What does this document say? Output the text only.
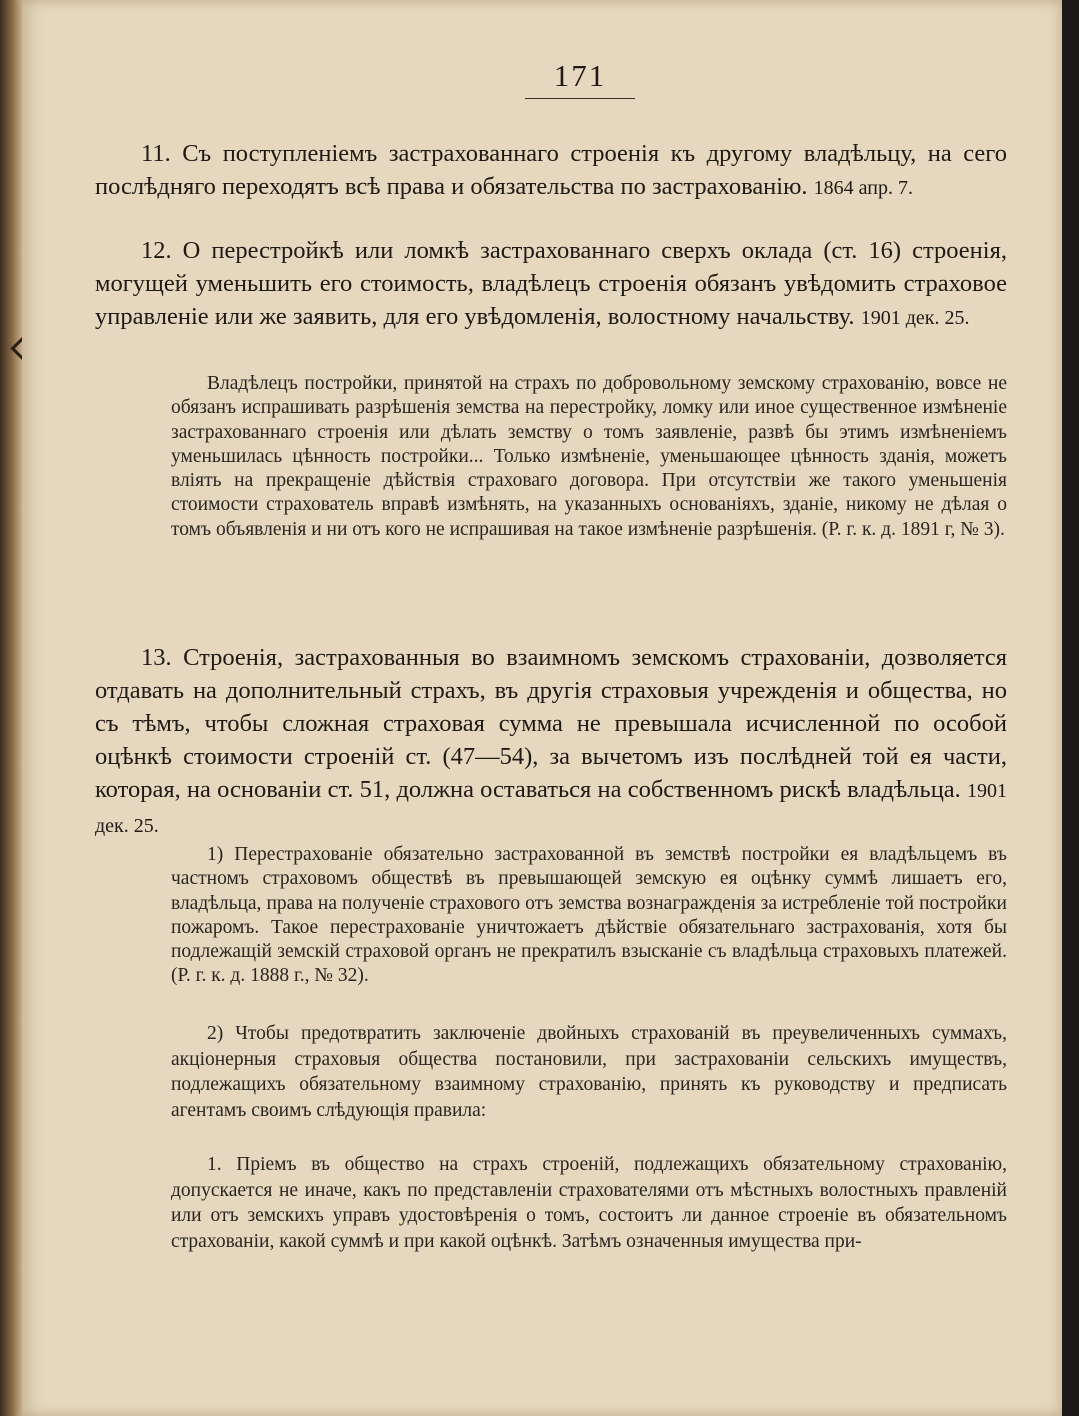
171

11. Съ поступленіемъ застрахованнаго строенія къ другому владѣльцу, на сего послѣдняго переходятъ всѣ права и обязательства по застрахованію. 1864 апр. 7.

12. О перестройкѣ или ломкѣ застрахованнаго сверхъ оклада (ст. 16) строенія, могущей уменьшить его стоимость, владѣлецъ строенія обязанъ увѣдомить страховое управленіе или же заявить, для его увѣдомленія, волостному начальству. 1901 дек. 25.

Владѣлецъ постройки, принятой на страхъ по добровольному земскому страхованію, вовсе не обязанъ испрашивать разрѣшенія земства на перестройку, ломку или иное существенное измѣненіе застрахованнаго строенія или дѣлать земству о томъ заявленіе, развѣ бы этимъ измѣненіемъ уменьшилась цѣнность постройки... Только измѣненіе, уменьшающее цѣнность зданія, можетъ влiять на прекращеніе дѣйствія страховаго договора. При отсутствіи же такого уменьшенія стоимости страхователь вправѣ измѣнять, на указанныхъ основаніяхъ, зданіе, никому не дѣлая о томъ объявленія и ни отъ кого не испрашивая на такое измѣненіе разрѣшенія. (Р. г. к. д. 1891 г, № 3).

13. Строенія, застрахованныя во взаимномъ земскомъ страхованіи, дозволяется отдавать на дополнительный страхъ, въ другія страховыя учрежденія и общества, но съ тѣмъ, чтобы сложная страховая сумма не превышала исчисленной по особой оцѣнкѣ стоимости строеній ст. (47—54), за вычетомъ изъ послѣдней той ея части, которая, на основаніи ст. 51, должна оставаться на собственномъ рискѣ владѣльца. 1901 дек. 25.

1) Перестрахованіе обязательно застрахованной въ земствѣ постройки ея владѣльцемъ въ частномъ страховомъ обществѣ въ превышающей земскую ея оцѣнку суммѣ лишаетъ его, владѣльца, права на полученіе страхового отъ земства вознагражденія за истребленіе той постройки пожаромъ. Такое перестрахованіе уничтожаетъ дѣйствіе обязательнаго застрахованія, хотя бы подлежащій земскій страховой органъ не прекратилъ взысканіе съ владѣльца страховыхъ платежей. (Р. г. к. д. 1888 г., № 32).

2) Чтобы предотвратить заключеніе двойныхъ страхованій въ преувеличенныхъ суммахъ, акціонерныя страховыя общества постановили, при застрахованіи сельскихъ имуществъ, подлежащихъ обязательному взаимному страхованію, принять къ руководству и предписать агентамъ своимъ слѣдующія правила:

1. Пріемъ въ общество на страхъ строеній, подлежащихъ обязательному страхованію, допускается не иначе, какъ по представленіи страхователями отъ мѣстныхъ волостныхъ правленій или отъ земскихъ управъ удостовѣренія о томъ, состоитъ ли данное строеніе въ обязательномъ страхованіи, какой суммѣ и при какой оцѣнкѣ. Затѣмъ означенныя имущества при-
